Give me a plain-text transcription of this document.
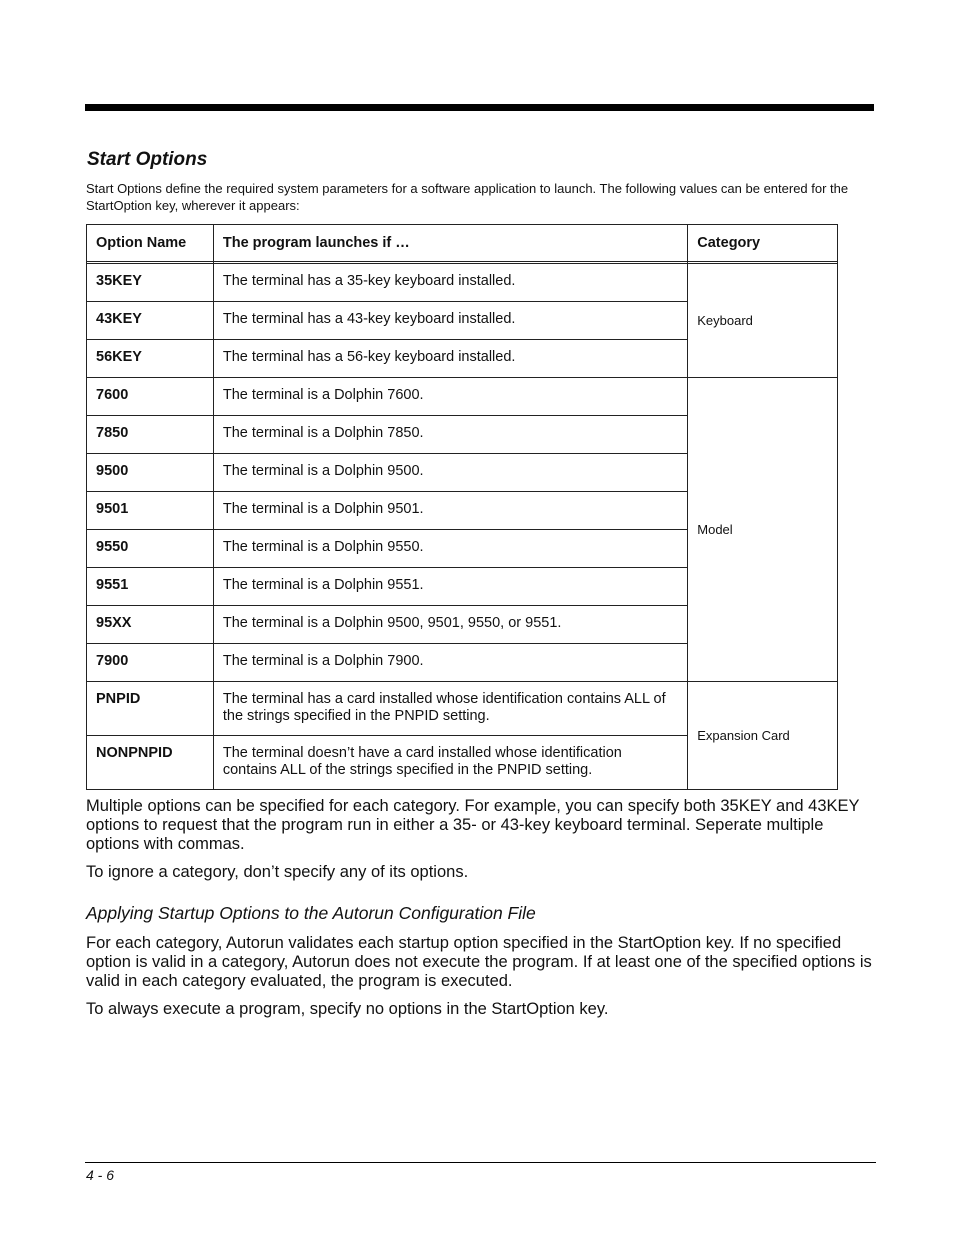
Start Options

Start Options define the required system parameters for a software application to launch. The following values can be entered for the StartOption key, wherever it appears:

Option Name	The program launches if …	Category

35KEY	The terminal has a 35-key keyboard installed.	Keyboard
43KEY	The terminal has a 43-key keyboard installed.	
56KEY	The terminal has a 56-key keyboard installed.	
7600	The terminal is a Dolphin 7600.	Model
7850	The terminal is a Dolphin 7850.	
9500	The terminal is a Dolphin 9500.	
9501	The terminal is a Dolphin 9501.	
9550	The terminal is a Dolphin 9550.	
9551	The terminal is a Dolphin 9551.	
95XX	The terminal is a Dolphin 9500, 9501, 9550, or 9551.	
7900	The terminal is a Dolphin 7900.	
PNPID	The terminal has a card installed whose identification contains ALL of the strings specified in the PNPID setting.	Expansion Card
NONPNPID	The terminal doesn’t have a card installed whose identification contains ALL of the strings specified in the PNPID setting.	

Multiple options can be specified for each category. For example, you can specify both 35KEY and 43KEY options to request that the program run in either a 35- or 43-key keyboard terminal. Seperate multiple options with commas.

To ignore a category, don’t specify any of its options.

Applying Startup Options to the Autorun Configuration File

For each category, Autorun validates each startup option specified in the StartOption key. If no specified option is valid in a category, Autorun does not execute the program. If at least one of the specified options is valid in each category evaluated, the program is executed.

To always execute a program, specify no options in the StartOption key.

4 - 6
